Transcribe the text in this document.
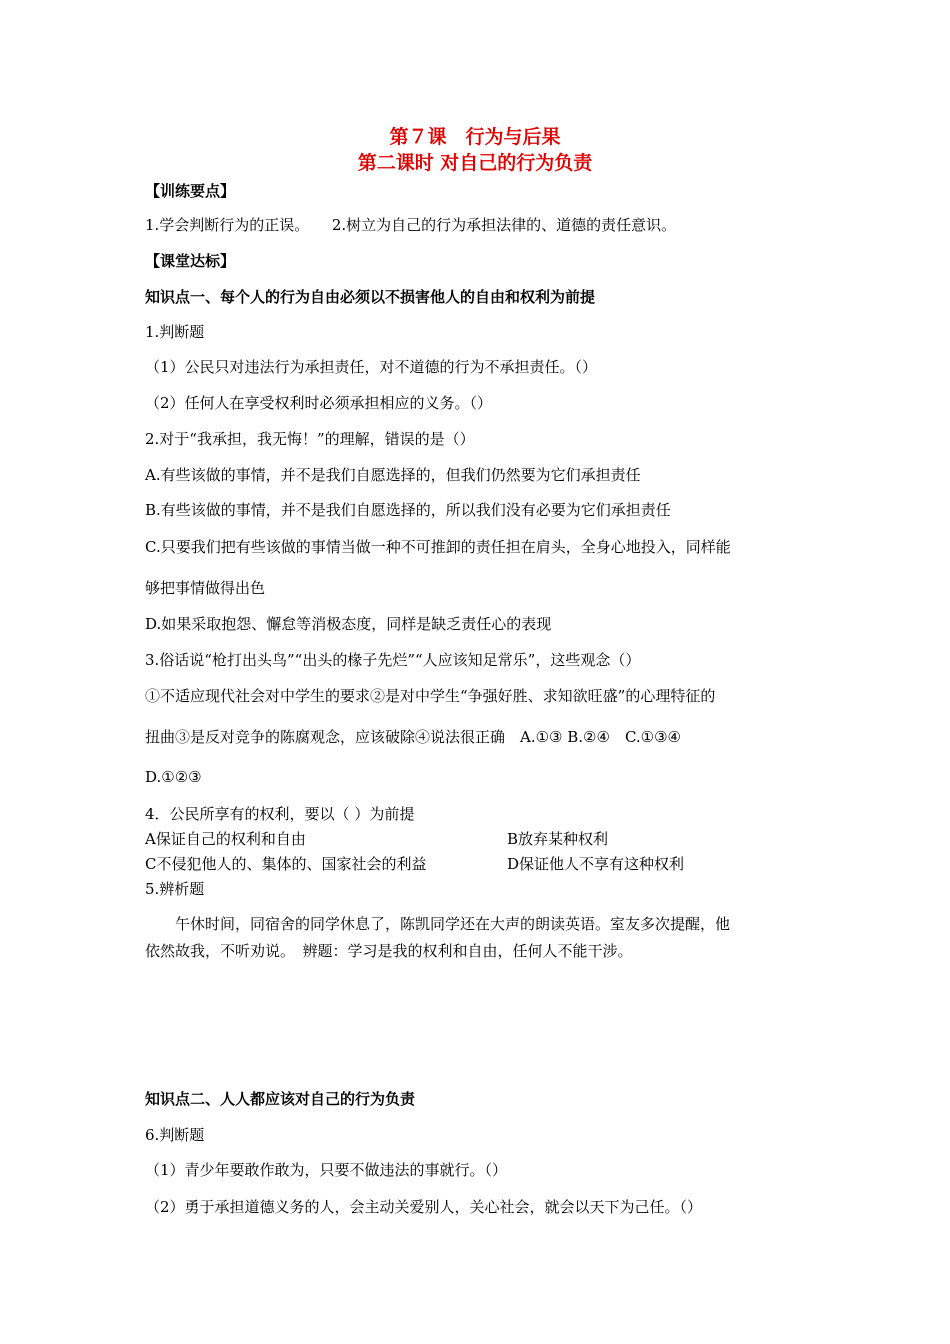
第７课　行为与后果
第二课时 对自己的行为负责
【训练要点】
1.学会判断行为的正误。　　2.树立为自己的行为承担法律的、道德的责任意识。
【课堂达标】
知识点一、每个人的行为自由必须以不损害他人的自由和权利为前提
1.判断题
（1）公民只对违法行为承担责任，对不道德的行为不承担责任。（）
（2）任何人在享受权利时必须承担相应的义务。（）
2.对于“我承担，我无悔！”的理解，错误的是（）
A.有些该做的事情，并不是我们自愿选择的，但我们仍然要为它们承担责任
B.有些该做的事情，并不是我们自愿选择的，所以我们没有必要为它们承担责任
C.只要我们把有些该做的事情当做一种不可推卸的责任担在肩头，全身心地投入，同样能
够把事情做得出色
D.如果采取抱怨、懈怠等消极态度，同样是缺乏责任心的表现
3.俗话说“枪打出头鸟”“出头的椽子先烂”“人应该知足常乐”，这些观念（）
①不适应现代社会对中学生的要求②是对中学生“争强好胜、求知欲旺盛”的心理特征的
扭曲③是反对竞争的陈腐观念，应该破除④说法很正确　A.①③ B.②④　C.①③④
D.①②③
4．公民所享有的权利，要以（ ）为前提
A保证自己的权利和自由	B放弃某种权利
C不侵犯他人的、集体的、国家社会的利益	D保证他人不享有这种权利
5.辨析题
午休时间，同宿舍的同学休息了，陈凯同学还在大声的朗读英语。室友多次提醒，他
依然故我，不听劝说。　辨题：学习是我的权利和自由，任何人不能干涉。
知识点二、人人都应该对自己的行为负责
6.判断题
（1）青少年要敢作敢为，只要不做违法的事就行。（）
（2）勇于承担道德义务的人，会主动关爱别人，关心社会，就会以天下为己任。（）
